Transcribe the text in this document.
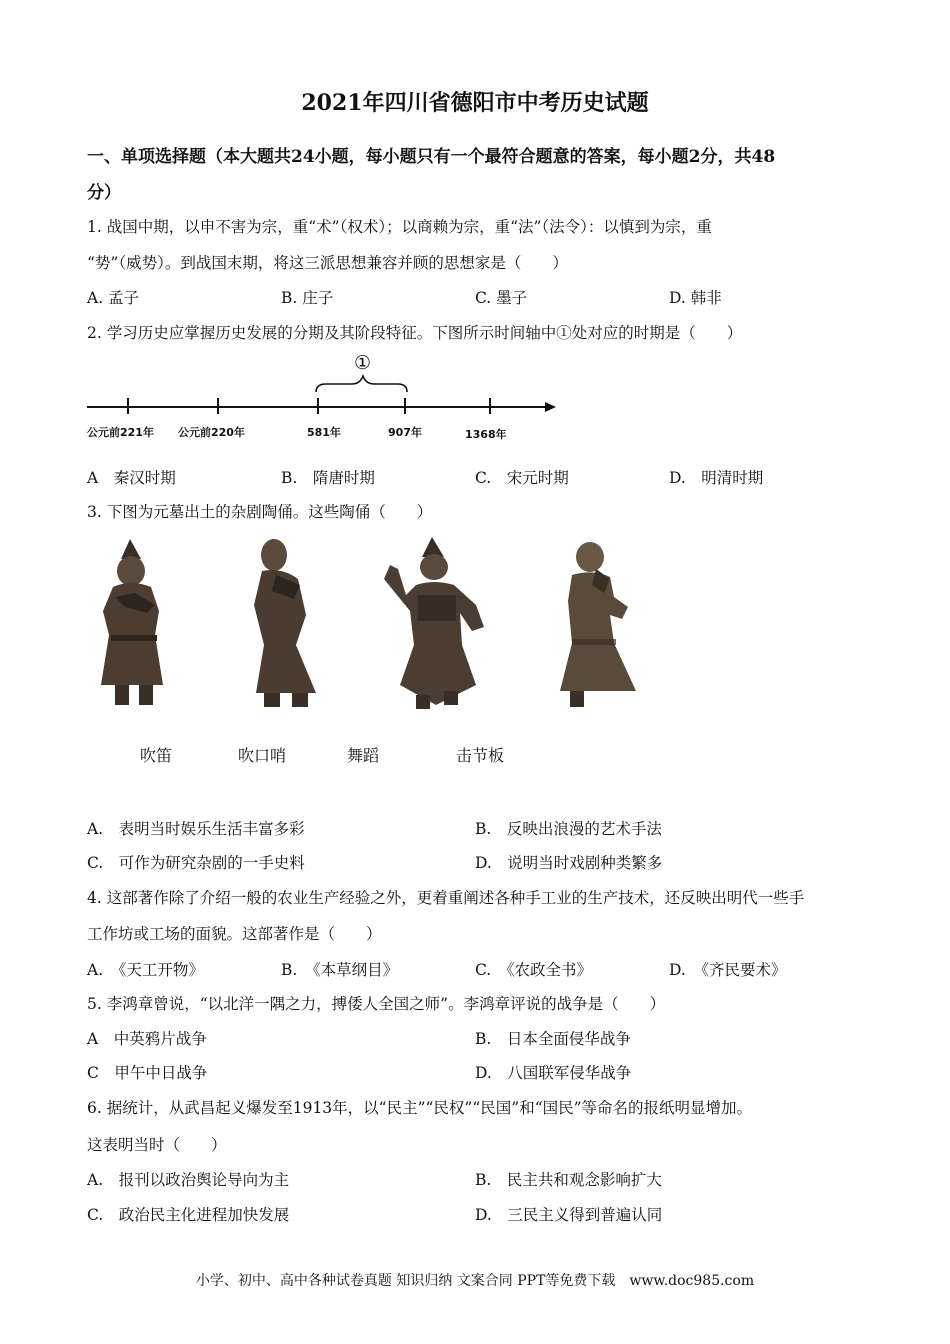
2021年四川省德阳市中考历史试题
一、单项选择题（本大题共24小题，每小题只有一个最符合题意的答案，每小题2分，共48
分）
1. 战国中期，以申不害为宗，重“术”（权术）；以商赖为宗，重“法”（法令）：以慎到为宗，重
“势”（威势）。到战国末期，将这三派思想兼容并顾的思想家是（　　）
A. 孟子	B. 庄子	C. 墨子	D. 韩非
2. 学习历史应掌握历史发展的分期及其阶段特征。下图所示时间轴中①处对应的时期是（　　）
①
公元前221年 公元前220年	581年	907年	1368年
A　秦汉时期	B.　隋唐时期	C.　宋元时期	D.　明清时期
3. 下图为元墓出土的杂剧陶俑。这些陶俑（　　）
吹笛	吹口哨	舞蹈	击节板
A.　表明当时娱乐生活丰富多彩	B.　反映出浪漫的艺术手法
C.　可作为研究杂剧的一手史料	D.　说明当时戏剧种类繁多
4. 这部著作除了介绍一般的农业生产经验之外，更着重阐述各种手工业的生产技术，还反映出明代一些手
工作坊或工场的面貌。这部著作是（　　）
A.　《天工开物》	B.　《本草纲目》	C.　《农政全书》	D.　《齐民要术》
5. 李鸿章曾说，“以北洋一隅之力，搏倭人全国之师”。李鸿章评说的战争是（　　）
A　中英鸦片战争	B.　日本全面侵华战争
C　甲午中日战争	D.　八国联军侵华战争
6. 据统计，从武昌起义爆发至1913年，以“民主”“民权”“民国”和“国民”等命名的报纸明显增加。
这表明当时（　　）
A.　报刊以政治舆论导向为主	B.　民主共和观念影响扩大
C.　政治民主化进程加快发展	D.　三民主义得到普遍认同
小学、初中、高中各种试卷真题 知识归纳 文案合同 PPT等免费下载　www.doc985.com
